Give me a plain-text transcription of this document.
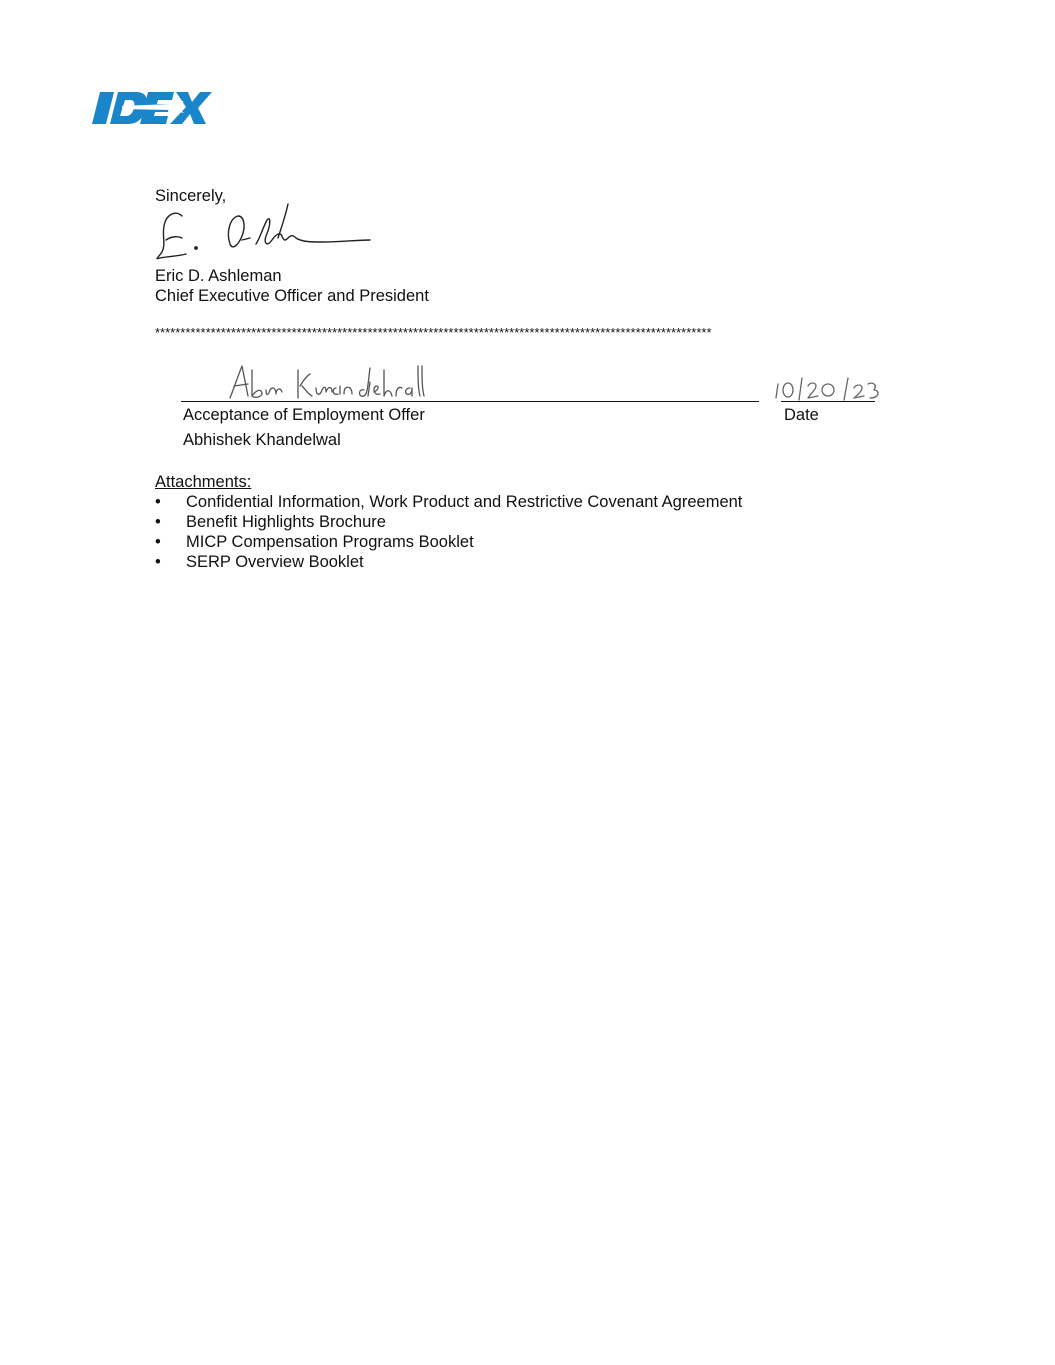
Sincerely,
Eric D. Ashleman
Chief Executive Officer and President
**************************************************************************************************************
Acceptance of Employment Offer	Date
Abhishek Khandelwal
Attachments:
• Confidential Information, Work Product and Restrictive Covenant Agreement
• Benefit Highlights Brochure
• MICP Compensation Programs Booklet
• SERP Overview Booklet
